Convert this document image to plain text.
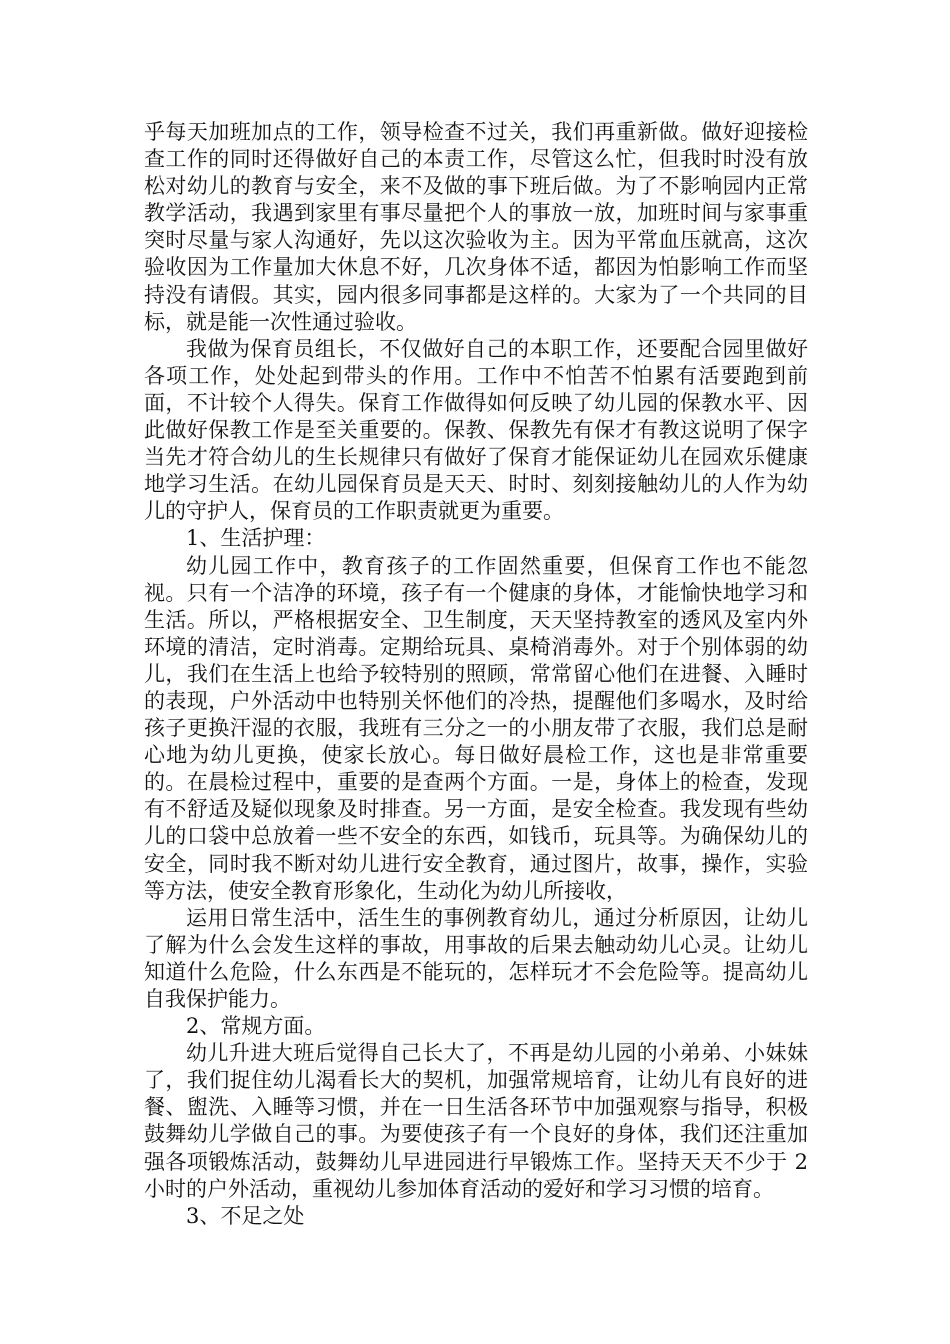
乎每天加班加点的工作，领导检查不过关，我们再重新做。做好迎接检查工作的同时还得做好自己的本责工作，尽管这么忙，但我时时没有放松对幼儿的教育与安全，来不及做的事下班后做。为了不影响园内正常教学活动，我遇到家里有事尽量把个人的事放一放，加班时间与家事重突时尽量与家人沟通好，先以这次验收为主。因为平常血压就高，这次验收因为工作量加大休息不好，几次身体不适，都因为怕影响工作而坚持没有请假。其实，园内很多同事都是这样的。大家为了一个共同的目标，就是能一次性通过验收。

我做为保育员组长，不仅做好自己的本职工作，还要配合园里做好各项工作，处处起到带头的作用。工作中不怕苦不怕累有活要跑到前面，不计较个人得失。保育工作做得如何反映了幼儿园的保教水平、因此做好保教工作是至关重要的。保教、保教先有保才有教这说明了保字当先才符合幼儿的生长规律只有做好了保育才能保证幼儿在园欢乐健康地学习生活。在幼儿园保育员是天天、时时、刻刻接触幼儿的人作为幼儿的守护人，保育员的工作职责就更为重要。

1、生活护理：

幼儿园工作中，教育孩子的工作固然重要，但保育工作也不能忽视。只有一个洁净的环境，孩子有一个健康的身体，才能愉快地学习和生活。所以，严格根据安全、卫生制度，天天坚持教室的透风及室内外环境的清洁，定时消毒。定期给玩具、桌椅消毒外。对于个别体弱的幼儿，我们在生活上也给予较特别的照顾，常常留心他们在进餐、入睡时的表现，户外活动中也特别关怀他们的冷热，提醒他们多喝水，及时给孩子更换汗湿的衣服，我班有三分之一的小朋友带了衣服，我们总是耐心地为幼儿更换，使家长放心。每日做好晨检工作，这也是非常重要的。在晨检过程中，重要的是查两个方面。一是，身体上的检查，发现有不舒适及疑似现象及时排查。另一方面，是安全检查。我发现有些幼儿的口袋中总放着一些不安全的东西，如钱币，玩具等。为确保幼儿的安全，同时我不断对幼儿进行安全教育，通过图片，故事，操作，实验等方法，使安全教育形象化，生动化为幼儿所接收，

运用日常生活中，活生生的事例教育幼儿，通过分析原因，让幼儿了解为什么会发生这样的事故，用事故的后果去触动幼儿心灵。让幼儿知道什么危险，什么东西是不能玩的，怎样玩才不会危险等。提高幼儿自我保护能力。

2、常规方面。

幼儿升进大班后觉得自己长大了，不再是幼儿园的小弟弟、小妹妹了，我们捉住幼儿渴看长大的契机，加强常规培育，让幼儿有良好的进餐、盥洗、入睡等习惯，并在一日生活各环节中加强观察与指导，积极鼓舞幼儿学做自己的事。为要使孩子有一个良好的身体，我们还注重加强各项锻炼活动，鼓舞幼儿早进园进行早锻炼工作。坚持天天不少于 2 小时的户外活动，重视幼儿参加体育活动的爱好和学习习惯的培育。

3、不足之处
